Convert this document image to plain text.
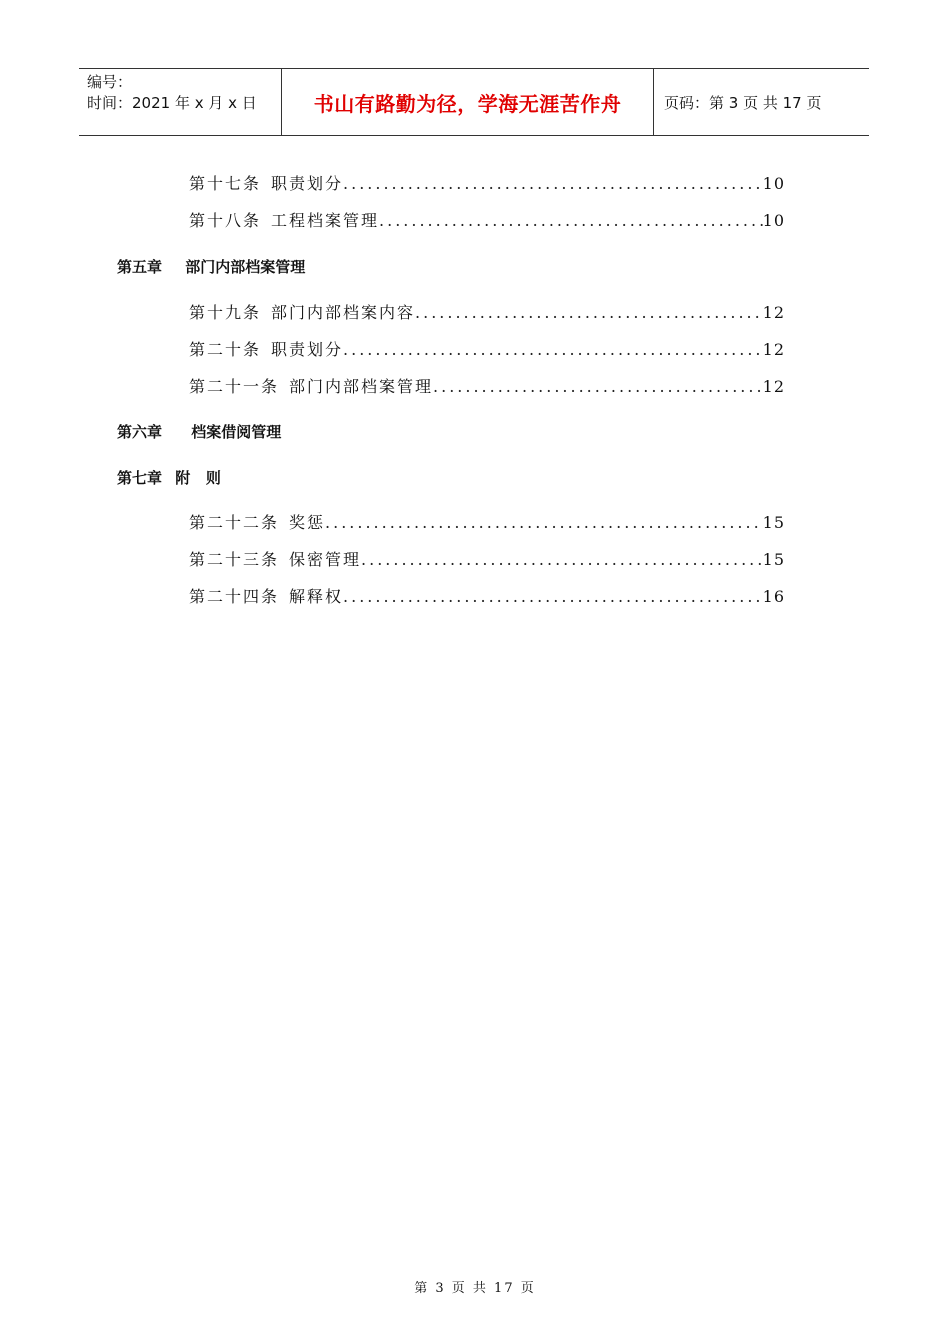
编号：
时间：2021 年 x 月 x 日	书山有路勤为径，学海无涯苦作舟	页码：第 3 页 共 17 页
第十七条 职责划分 .....	10
第十八条 工程档案管理 .....	10
第五章 部门内部档案管理
第十九条 部门内部档案内容 .....	12
第二十条 职责划分 .....	12
第二十一条 部门内部档案管理 .....	12
第六章 档案借阅管理
第七章 附   则
第二十二条 奖惩 .....	15
第二十三条 保密管理 .....	15
第二十四条 解释权 .....	16
第 3 页 共 17 页
